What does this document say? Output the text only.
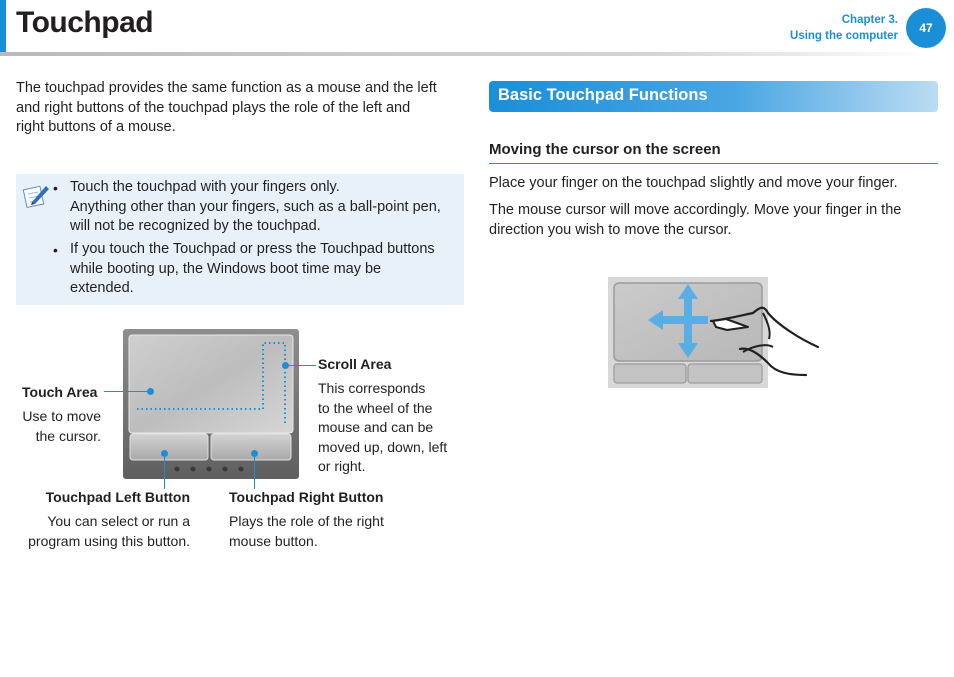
Touchpad	Chapter 3.
Using the computer
47
The touchpad provides the same function as a mouse and the left
and right buttons of the touchpad plays the role of the left and
right buttons of a mouse.
• Touch the touchpad with your fingers only.
Anything other than your fingers, such as a ball-point pen,
will not be recognized by the touchpad.
• If you touch the Touchpad or press the Touchpad buttons
while booting up, the Windows boot time may be
extended.
Touch Area
Use to move
the cursor.
Scroll Area
This corresponds
to the wheel of the
mouse and can be
moved up, down, left
or right.
Touchpad Left Button
You can select or run a
program using this button.
Touchpad Right Button
Plays the role of the right
mouse button.
Basic Touchpad Functions
Moving the cursor on the screen
Place your finger on the touchpad slightly and move your finger.
The mouse cursor will move accordingly. Move your finger in the
direction you wish to move the cursor.
